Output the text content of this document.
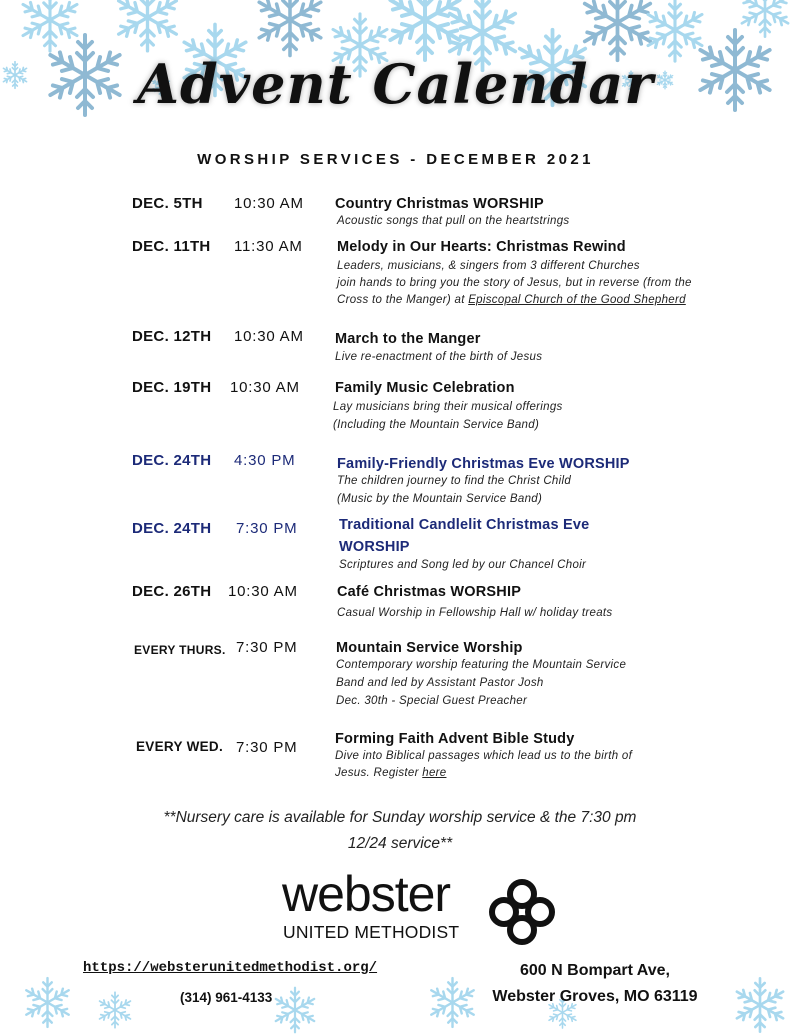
Advent Calendar
WORSHIP SERVICES - DECEMBER 2021
DEC. 5TH 10:30 AM Country Christmas WORSHIP
Acoustic songs that pull on the heartstrings
DEC. 11TH 11:30 AM Melody in Our Hearts: Christmas Rewind
Leaders, musicians, & singers from 3 different Churches
join hands to bring you the story of Jesus, but in reverse (from the
Cross to the Manger) at Episcopal Church of the Good Shepherd
DEC. 12TH 10:30 AM March to the Manger
Live re-enactment of the birth of Jesus
DEC. 19TH 10:30 AM Family Music Celebration
Lay musicians bring their musical offerings
(Including the Mountain Service Band)
DEC. 24TH 4:30 PM	Family-Friendly Christmas Eve WORSHIP
The children journey to find the Christ Child
(Music by the Mountain Service Band)
DEC. 24TH 7:30 PM	Traditional Candlelit Christmas Eve
WORSHIP
Scriptures and Song led by our Chancel Choir
DEC. 26TH 10:30 AM	Café Christmas WORSHIP
Casual Worship in Fellowship Hall w/ holiday treats
EVERY THURS. 7:30 PM	Mountain Service Worship
Contemporary worship featuring the Mountain Service
Band and led by Assistant Pastor Josh
Dec. 30th - Special Guest Preacher
EVERY WED. 7:30 PM	Forming Faith Advent Bible Study
Dive into Biblical passages which lead us to the birth of
Jesus. Register here
**Nursery care is available for Sunday worship service & the 7:30 pm
12/24 service**
webster
UNITED METHODIST
https://websterunitedmethodist.org/
(314) 961-4133
600 N Bompart Ave,
Webster Groves, MO 63119
